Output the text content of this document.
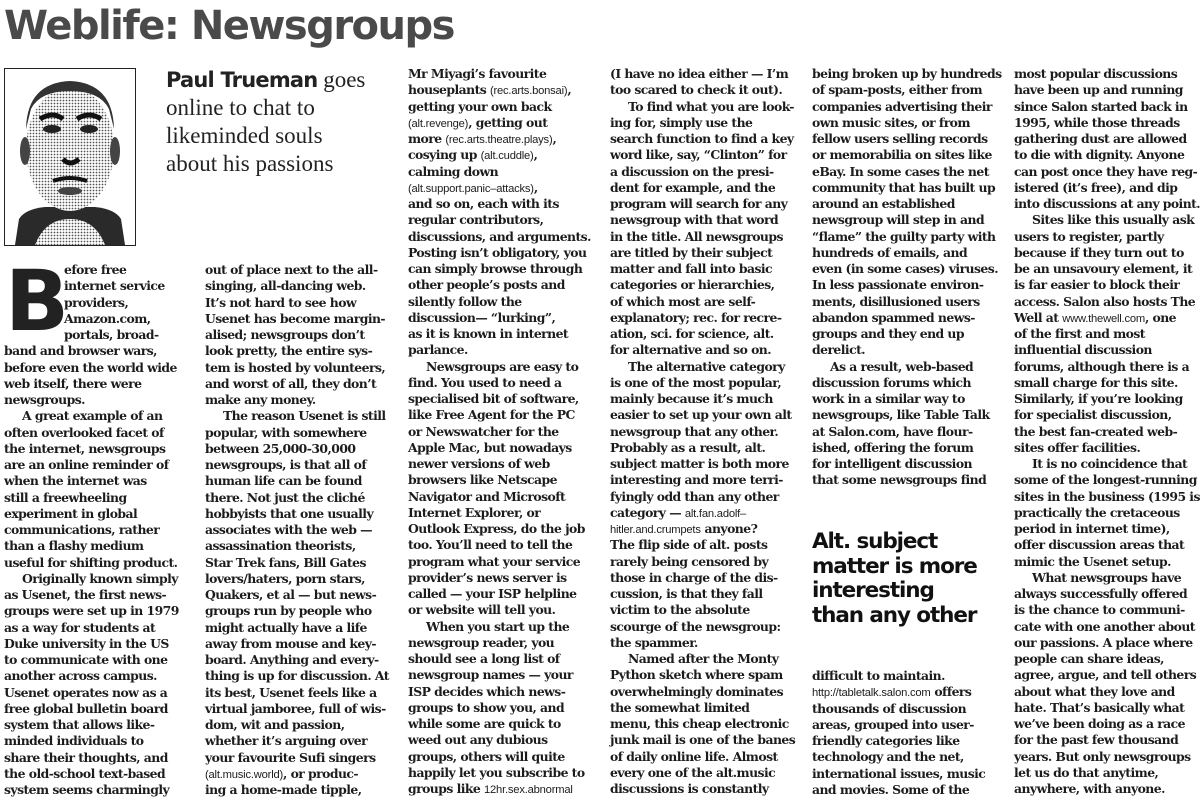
Weblife: Newsgroups
Paul Trueman goes
online to chat to
likeminded souls
about his passions
B
efore free
internet service
providers,
Amazon.com,
portals, broad-
band and browser wars,
before even the world wide
web itself, there were
newsgroups.
A great example of an
often overlooked facet of
the internet, newsgroups
are an online reminder of
when the internet was
still a freewheeling
experiment in global
communications, rather
than a flashy medium
useful for shifting product.
Originally known simply
as Usenet, the first news-
groups were set up in 1979
as a way for students at
Duke university in the US
to communicate with one
another across campus.
Usenet operates now as a
free global bulletin board
system that allows like-
minded individuals to
share their thoughts, and
the old-school text-based
system seems charmingly
out of place next to the all-
singing, all-dancing web.
It’s not hard to see how
Usenet has become margin-
alised; newsgroups don’t
look pretty, the entire sys-
tem is hosted by volunteers,
and worst of all, they don’t
make any money.
The reason Usenet is still
popular, with somewhere
between 25,000-30,000
newsgroups, is that all of
human life can be found
there. Not just the cliché
hobbyists that one usually
associates with the web —
assassination theorists,
Star Trek fans, Bill Gates
lovers/haters, porn stars,
Quakers, et al — but news-
groups run by people who
might actually have a life
away from mouse and key-
board. Anything and every-
thing is up for discussion. At
its best, Usenet feels like a
virtual jamboree, full of wis-
dom, wit and passion,
whether it’s arguing over
your favourite Sufi singers
(alt.music.world), or produc-
ing a home-made tipple,
Mr Miyagi’s favourite
houseplants (rec.arts.bonsai),
getting your own back
(alt.revenge), getting out
more (rec.arts.theatre.plays),
cosying up (alt.cuddle),
calming down
(alt.support.panic–attacks),
and so on, each with its
regular contributors,
discussions, and arguments.
Posting isn’t obligatory, you
can simply browse through
other people’s posts and
silently follow the
discussion— “lurking”,
as it is known in internet
parlance.
Newsgroups are easy to
find. You used to need a
specialised bit of software,
like Free Agent for the PC
or Newswatcher for the
Apple Mac, but nowadays
newer versions of web
browsers like Netscape
Navigator and Microsoft
Internet Explorer, or
Outlook Express, do the job
too. You’ll need to tell the
program what your service
provider’s news server is
called — your ISP helpline
or website will tell you.
When you start up the
newsgroup reader, you
should see a long list of
newsgroup names — your
ISP decides which news-
groups to show you, and
while some are quick to
weed out any dubious
groups, others will quite
happily let you subscribe to
groups like 12hr.sex.abnormal
(I have no idea either — I’m
too scared to check it out).
To find what you are look-
ing for, simply use the
search function to find a key
word like, say, “Clinton” for
a discussion on the presi-
dent for example, and the
program will search for any
newsgroup with that word
in the title. All newsgroups
are titled by their subject
matter and fall into basic
categories or hierarchies,
of which most are self-
explanatory; rec. for recre-
ation, sci. for science, alt.
for alternative and so on.
The alternative category
is one of the most popular,
mainly because it’s much
easier to set up your own alt
newsgroup that any other.
Probably as a result, alt.
subject matter is both more
interesting and more terri-
fyingly odd than any other
category — alt.fan.adolf–
hitler.and.crumpets anyone?
The flip side of alt. posts
rarely being censored by
those in charge of the dis-
cussion, is that they fall
victim to the absolute
scourge of the newsgroup:
the spammer.
Named after the Monty
Python sketch where spam
overwhelmingly dominates
the somewhat limited
menu, this cheap electronic
junk mail is one of the banes
of daily online life. Almost
every one of the alt.music
discussions is constantly
being broken up by hundreds
of spam-posts, either from
companies advertising their
own music sites, or from
fellow users selling records
or memorabilia on sites like
eBay. In some cases the net
community that has built up
around an established
newsgroup will step in and
“flame” the guilty party with
hundreds of emails, and
even (in some cases) viruses.
In less passionate environ-
ments, disillusioned users
abandon spammed news-
groups and they end up
derelict.
As a result, web-based
discussion forums which
work in a similar way to
newsgroups, like Table Talk
at Salon.com, have flour-
ished, offering the forum
for intelligent discussion
that some newsgroups find
difficult to maintain.
http://tabletalk.salon.com offers
thousands of discussion
areas, grouped into user-
friendly categories like
technology and the net,
international issues, music
and movies. Some of the
most popular discussions
have been up and running
since Salon started back in
1995, while those threads
gathering dust are allowed
to die with dignity. Anyone
can post once they have reg-
istered (it’s free), and dip
into discussions at any point.
Sites like this usually ask
users to register, partly
because if they turn out to
be an unsavoury element, it
is far easier to block their
access. Salon also hosts The
Well at www.thewell.com, one
of the first and most
influential discussion
forums, although there is a
small charge for this site.
Similarly, if you’re looking
for specialist discussion,
the best fan-created web-
sites offer facilities.
It is no coincidence that
some of the longest-running
sites in the business (1995 is
practically the cretaceous
period in internet time),
offer discussion areas that
mimic the Usenet setup.
What newsgroups have
always successfully offered
is the chance to communi-
cate with one another about
our passions. A place where
people can share ideas,
agree, argue, and tell others
about what they love and
hate. That’s basically what
we’ve been doing as a race
for the past few thousand
years. But only newsgroups
let us do that anytime,
anywhere, with anyone.
Alt. subject
matter is more
interesting
than any other
